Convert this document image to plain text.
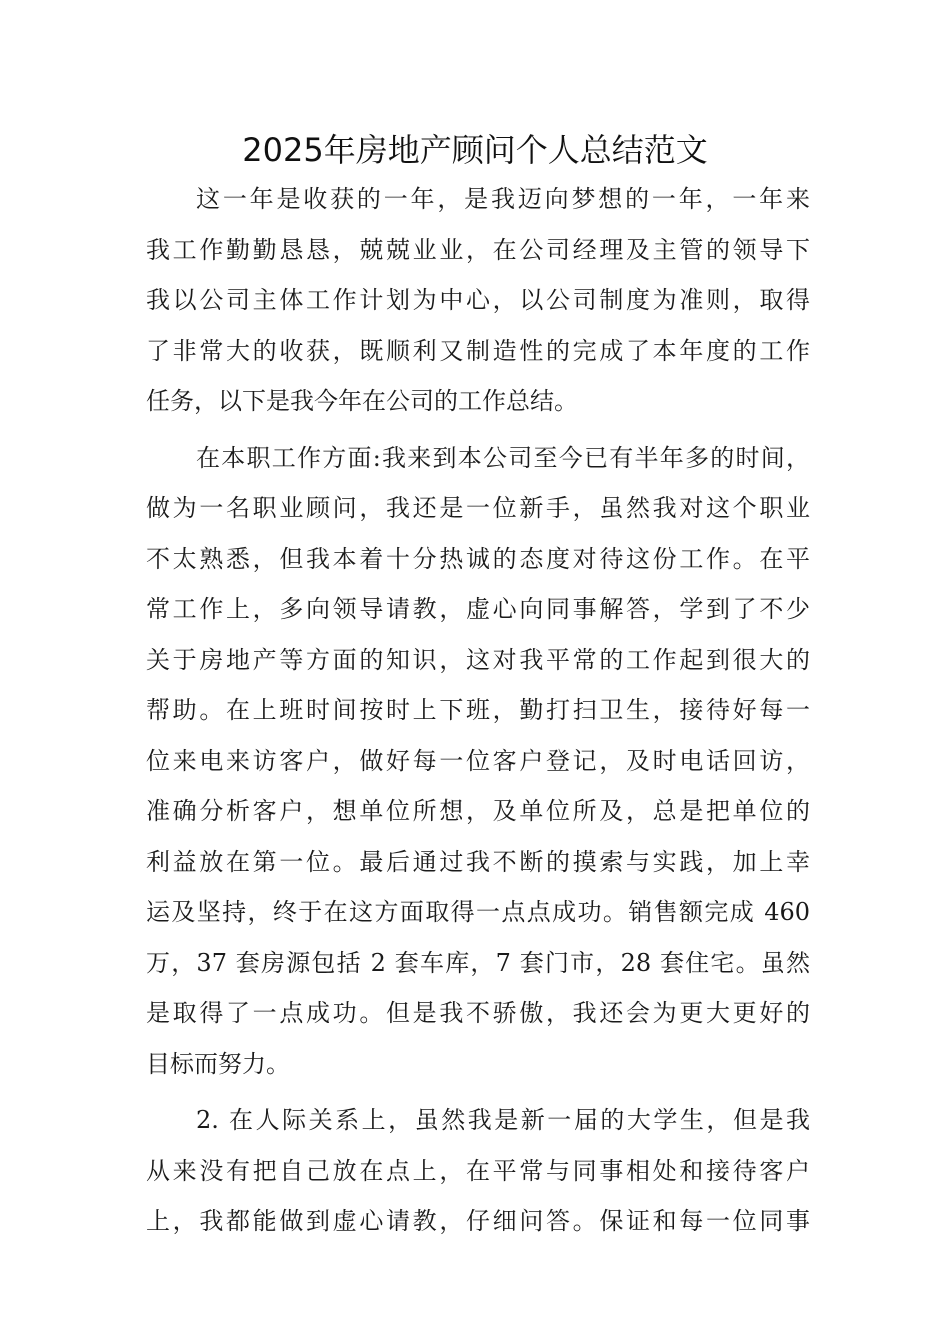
2025年房地产顾问个人总结范文
这一年是收获的一年，是我迈向梦想的一年，一年来
我工作勤勤恳恳，兢兢业业，在公司经理及主管的领导下
我以公司主体工作计划为中心，以公司制度为准则，取得
了非常大的收获，既顺利又制造性的完成了本年度的工作
任务，以下是我今年在公司的工作总结。
在本职工作方面:我来到本公司至今已有半年多的时间，
做为一名职业顾问，我还是一位新手，虽然我对这个职业
不太熟悉，但我本着十分热诚的态度对待这份工作。在平
常工作上，多向领导请教，虚心向同事解答，学到了不少
关于房地产等方面的知识，这对我平常的工作起到很大的
帮助。在上班时间按时上下班，勤打扫卫生，接待好每一
位来电来访客户，做好每一位客户登记，及时电话回访，
准确分析客户，想单位所想，及单位所及，总是把单位的
利益放在第一位。最后通过我不断的摸索与实践，加上幸
运及坚持，终于在这方面取得一点点成功。销售额完成 460
万，37 套房源包括 2 套车库，7 套门市，28 套住宅。虽然
是取得了一点成功。但是我不骄傲，我还会为更大更好的
目标而努力。
2. 在人际关系上，虽然我是新一届的大学生，但是我
从来没有把自己放在点上，在平常与同事相处和接待客户
上，我都能做到虚心请教，仔细问答。保证和每一位同事
